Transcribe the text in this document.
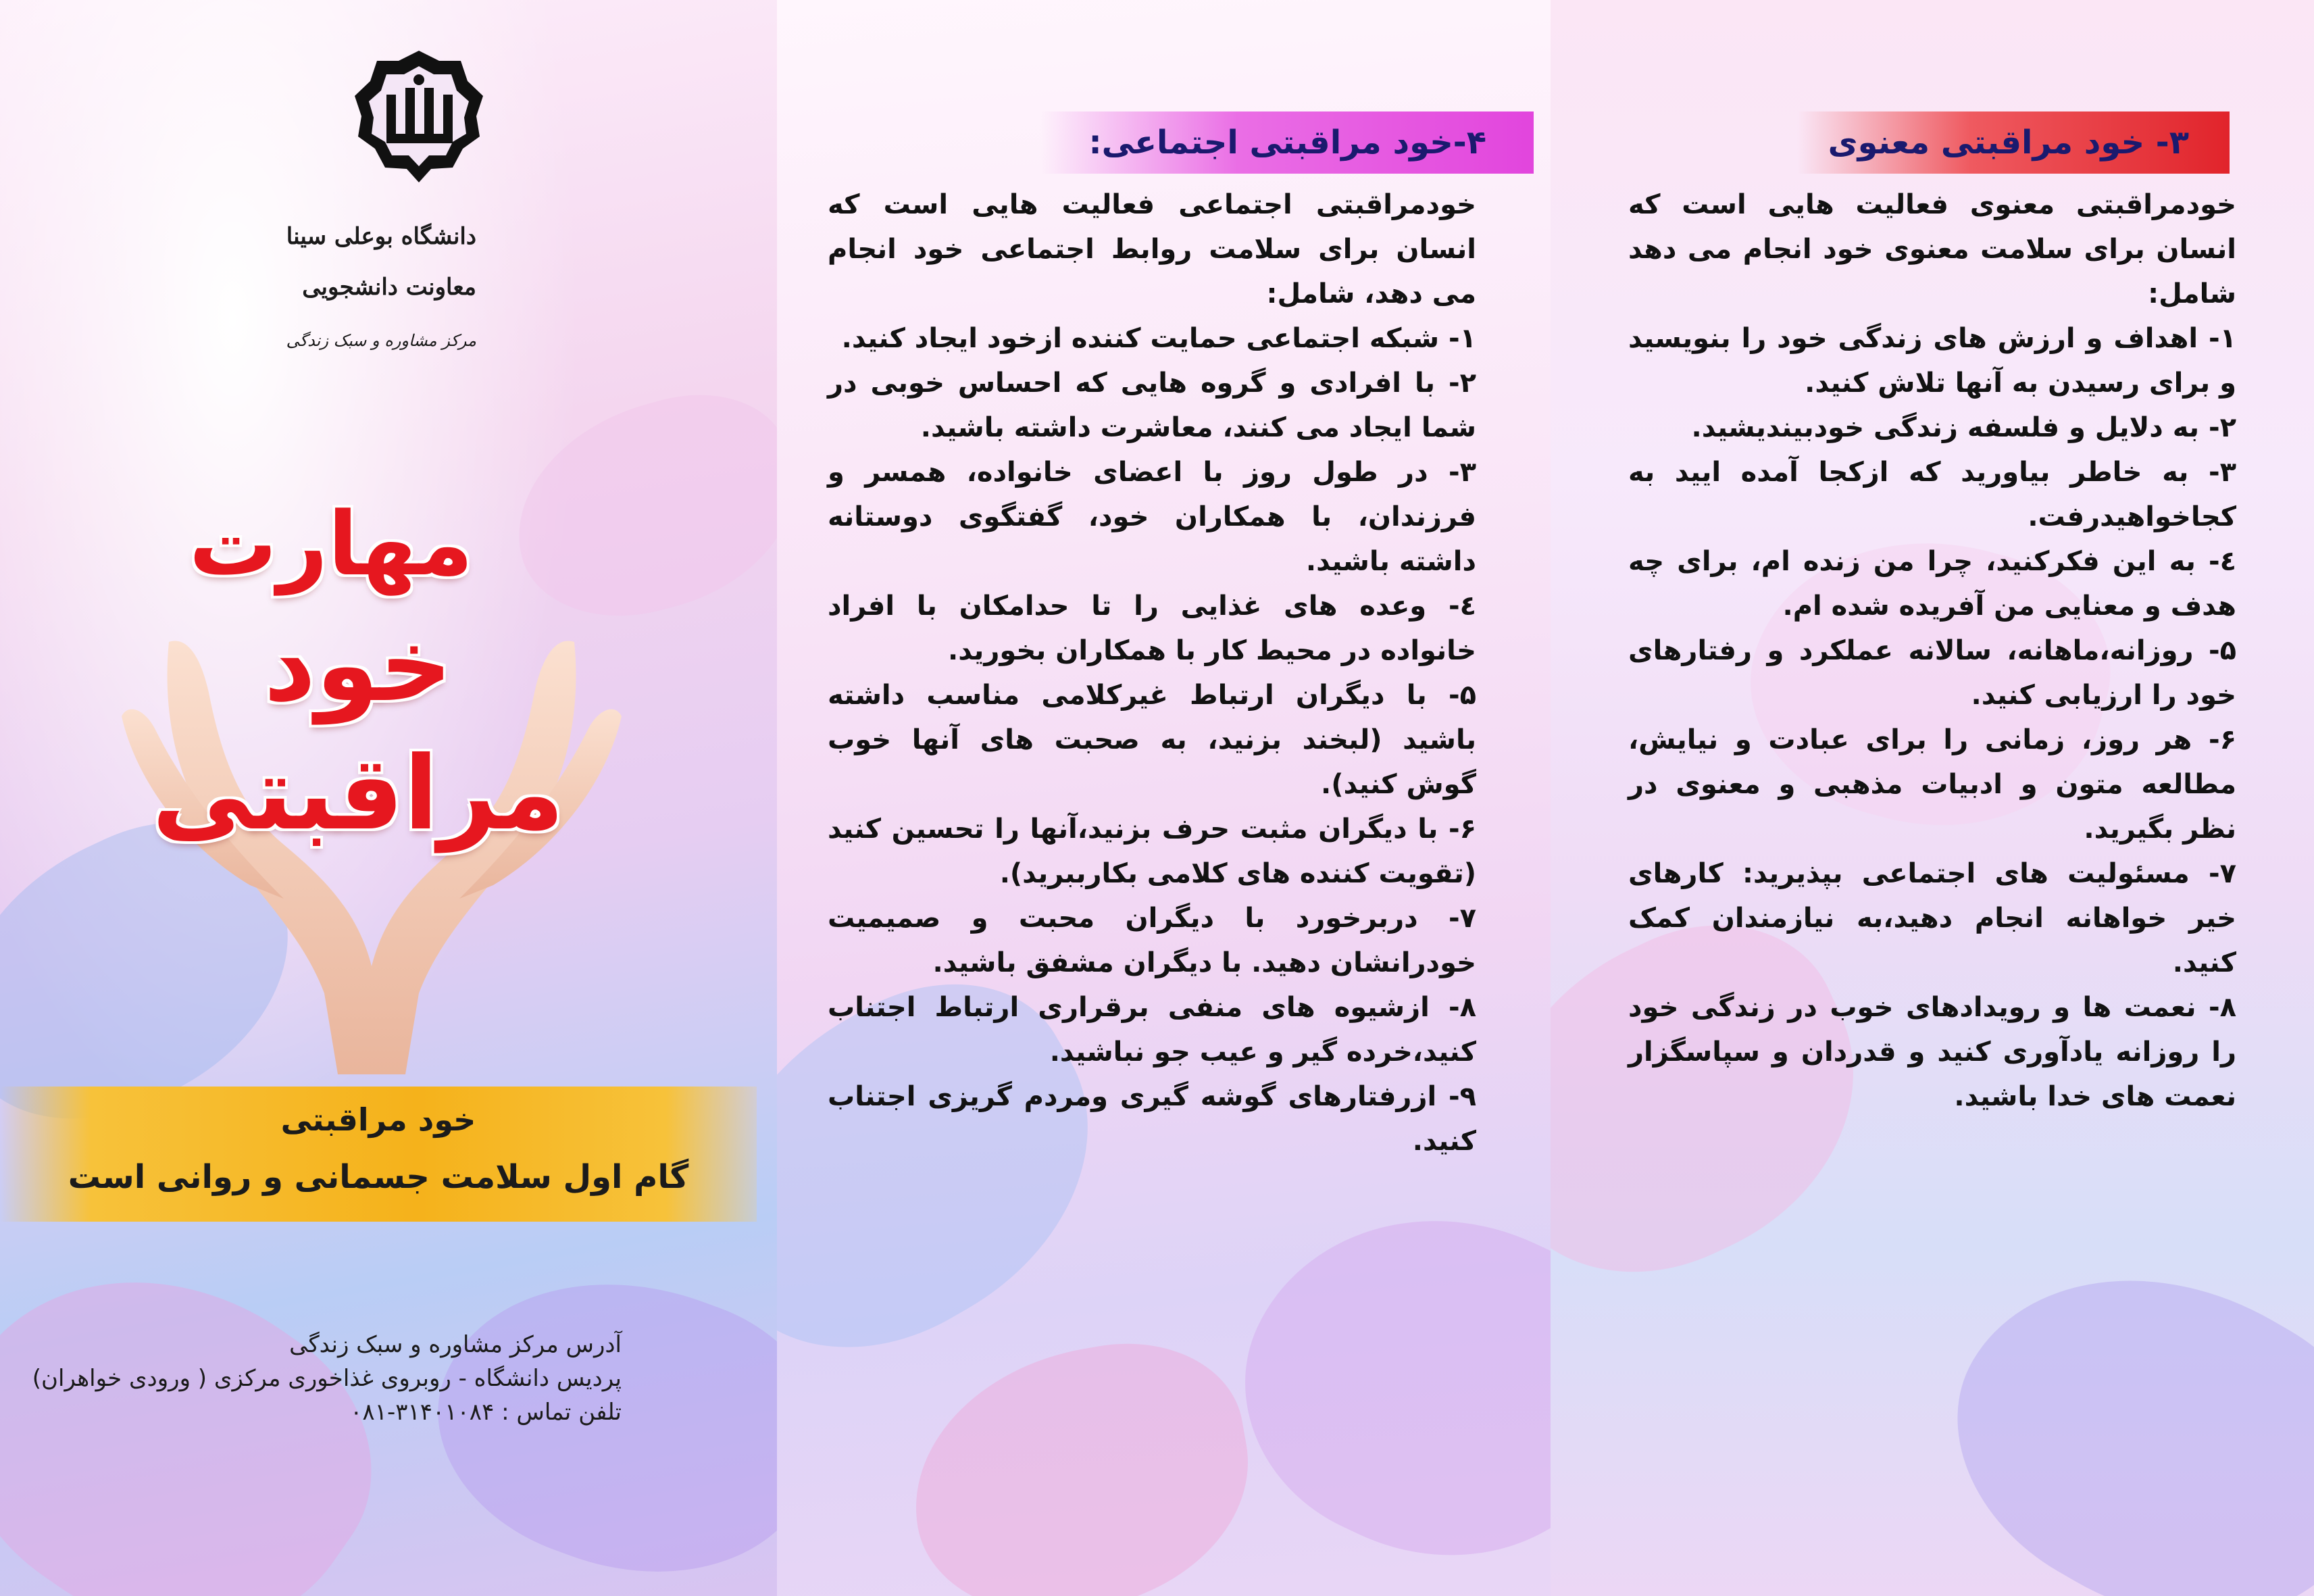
دانشگاه بوعلی سینا
معاونت دانشجویی
مرکز مشاوره و سبک زندگی
مهارت
خود مراقبتی
خود مراقبتی
گام اول سلامت جسمانی و روانی است
آدرس مرکز مشاوره و سبک زندگی
پردیس دانشگاه - روبروی غذاخوری مرکزی ( ورودی خواهران)
تلفن تماس : ۳۱۴۰۱۰۸۴-۰۸۱
۴-خود مراقبتی اجتماعی:

خودمراقبتی اجتماعی فعالیت هایی است که انسان برای سلامت روابط اجتماعی خود انجام می دهد، شامل:

۱- شبکه اجتماعی حمایت کننده ازخود ایجاد کنید.

۲- با افرادی و گروه هایی که احساس خوبی در شما ایجاد می کنند، معاشرت داشته باشید.

۳- در طول روز با اعضای خانواده، همسر و فرزندان، با همکاران خود، گفتگوی دوستانه داشته باشید.

٤- وعده های غذایی را تا حدامکان با افراد خانواده در محیط کار با همکاران بخورید.

۵- با دیگران ارتباط غیرکلامی مناسب داشته باشید (لبخند بزنید، به صحبت های آنها خوب گوش کنید).

۶- با دیگران مثبت حرف بزنید،آنها را تحسین کنید (تقویت کننده های کلامی بکارببرید).

۷- دربرخورد با دیگران محبت و صمیمیت خودرانشان دهید. با دیگران مشفق باشید.

۸- ازشیوه های منفی برقراری ارتباط اجتناب کنید،خرده گیر و عیب جو نباشید.

۹- ازرفتارهای گوشه گیری ومردم گریزی اجتناب کنید.

۳- خود مراقبتی معنوی

خودمراقبتی معنوی فعالیت هایی است که انسان برای سلامت معنوی خود انجام می دهد شامل:

۱- اهداف و ارزش های زندگی خود را بنویسید و برای رسیدن به آنها تلاش کنید.

۲- به دلایل و فلسفه زندگی خودبیندیشید.

۳- به خاطر بیاورید که ازکجا آمده ایید به کجاخواهیدرفت.

٤- به این فکرکنید، چرا من زنده ام، برای چه هدف و معنایی من آفریده شده ام.

۵- روزانه،ماهانه، سالانه عملکرد و رفتارهای خود را ارزیابی کنید.

۶- هر روز، زمانی را برای عبادت و نیایش، مطالعه متون و ادبیات مذهبی و معنوی در نظر بگیرید.

۷- مسئولیت های اجتماعی بپذیرید: کارهای خیر خواهانه انجام دهید،به نیازمندان کمک کنید.

۸- نعمت ها و رویدادهای خوب در زندگی خود را روزانه یادآوری کنید و قدردان و سپاسگزار نعمت های خدا باشید.
